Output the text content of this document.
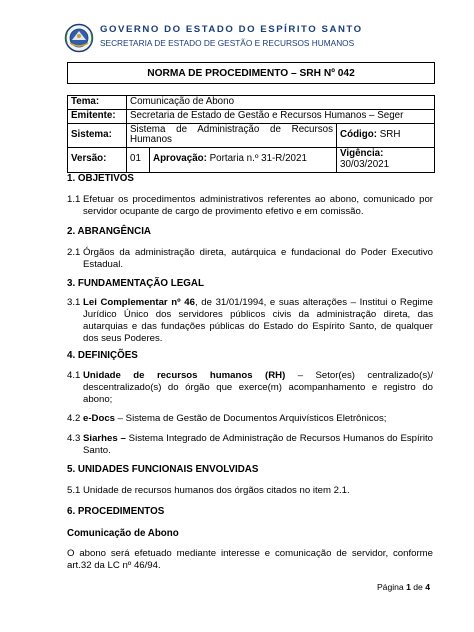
GOVERNO DO ESTADO DO ESPÍRITO SANTO
SECRETARIA DE ESTADO DE GESTÃO E RECURSOS HUMANOS
NORMA DE PROCEDIMENTO – SRH Nº 042
Tema:	Comunicação de Abono		
Emitente:	Secretaria de Estado de Gestão e Recursos Humanos – Seger		
Sistema:	Sistema de Administração de Recursos Humanos		Código: SRH
Versão:	01	Aprovação: Portaria n.º 31-R/2021	Vigência: 30/03/2021
1. OBJETIVOS
1.1 Efetuar os procedimentos administrativos referentes ao abono, comunicado por servidor ocupante de cargo de provimento efetivo e em comissão.
2. ABRANGÊNCIA
2.1 Órgãos da administração direta, autárquica e fundacional do Poder Executivo Estadual.
3. FUNDAMENTAÇÃO LEGAL
3.1 Lei Complementar nº 46, de 31/01/1994, e suas alterações – Institui o Regime Jurídico Único dos servidores públicos civis da administração direta, das autarquias e das fundações públicas do Estado do Espírito Santo, de qualquer dos seus Poderes.
4. DEFINIÇÕES
4.1 Unidade de recursos humanos (RH) – Setor(es) centralizado(s)/ descentralizado(s) do órgão que exerce(m) acompanhamento e registro do abono;
4.2 e-Docs – Sistema de Gestão de Documentos Arquivísticos Eletrônicos;
4.3 Siarhes – Sistema Integrado de Administração de Recursos Humanos do Espírito Santo.
5. UNIDADES FUNCIONAIS ENVOLVIDAS
5.1 Unidade de recursos humanos dos órgãos citados no item 2.1.
6. PROCEDIMENTOS
Comunicação de Abono
O abono será efetuado mediante interesse e comunicação de servidor, conforme art.32 da LC nº 46/94.
Página 1 de 4
